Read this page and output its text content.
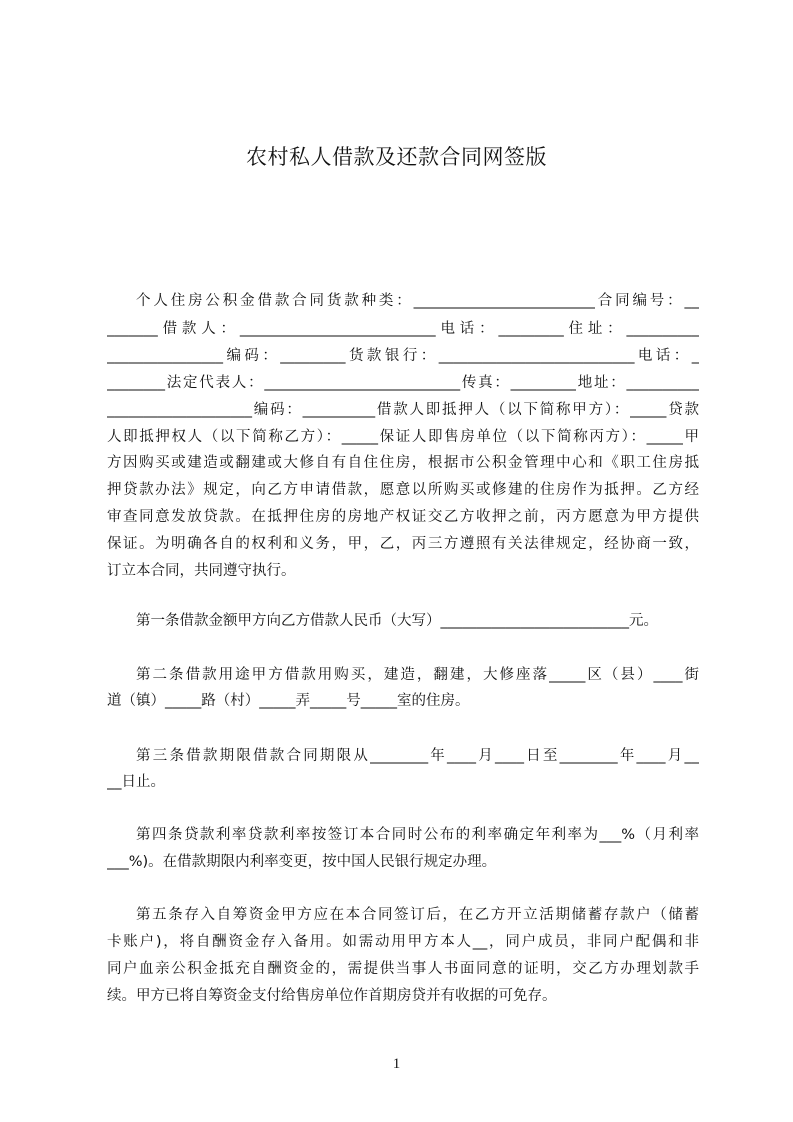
农村私人借款及还款合同网签版
个人住房公积金借款合同货款种类：_________________________合同编号：__
_______借款人：___________________________电话：_________住址：__________
________________编码：_________货款银行：___________________________电话：_
________法定代表人：___________________________传真：_________地址：__________
____________________编码：__________借款人即抵押人（以下简称甲方）：_____贷款
人即抵押权人（以下简称乙方）：_____保证人即售房单位（以下简称丙方）：_____甲
方因购买或建造或翻建或大修自有自住住房，根据市公积金管理中心和《职工住房抵
押贷款办法》规定，向乙方申请借款，愿意以所购买或修建的住房作为抵押。乙方经
审查同意发放贷款。在抵押住房的房地产权证交乙方收押之前，丙方愿意为甲方提供
保证。为明确各自的权利和义务，甲，乙，丙三方遵照有关法律规定，经协商一致，
订立本合同，共同遵守执行。
第一条借款金额甲方向乙方借款人民币（大写）__________________________元。
第二条借款用途甲方借款用购买，建造，翻建，大修座落_____区（县）____街
道（镇）_____路（村）_____弄_____号_____室的住房。
第三条借款期限借款合同期限从________年____月____日至________年____月__
__日止。
第四条贷款利率贷款利率按签订本合同时公布的利率确定年利率为___%（月利率
___%)。在借款期限内利率变更，按中国人民银行规定办理。
第五条存入自筹资金甲方应在本合同签订后，在乙方开立活期储蓄存款户（储蓄
卡账户)，将自酬资金存入备用。如需动用甲方本人__，同户成员，非同户配偶和非
同户血亲公积金抵充自酬资金的，需提供当事人书面同意的证明，交乙方办理划款手
续。甲方已将自筹资金支付给售房单位作首期房贷并有收据的可免存。
1
